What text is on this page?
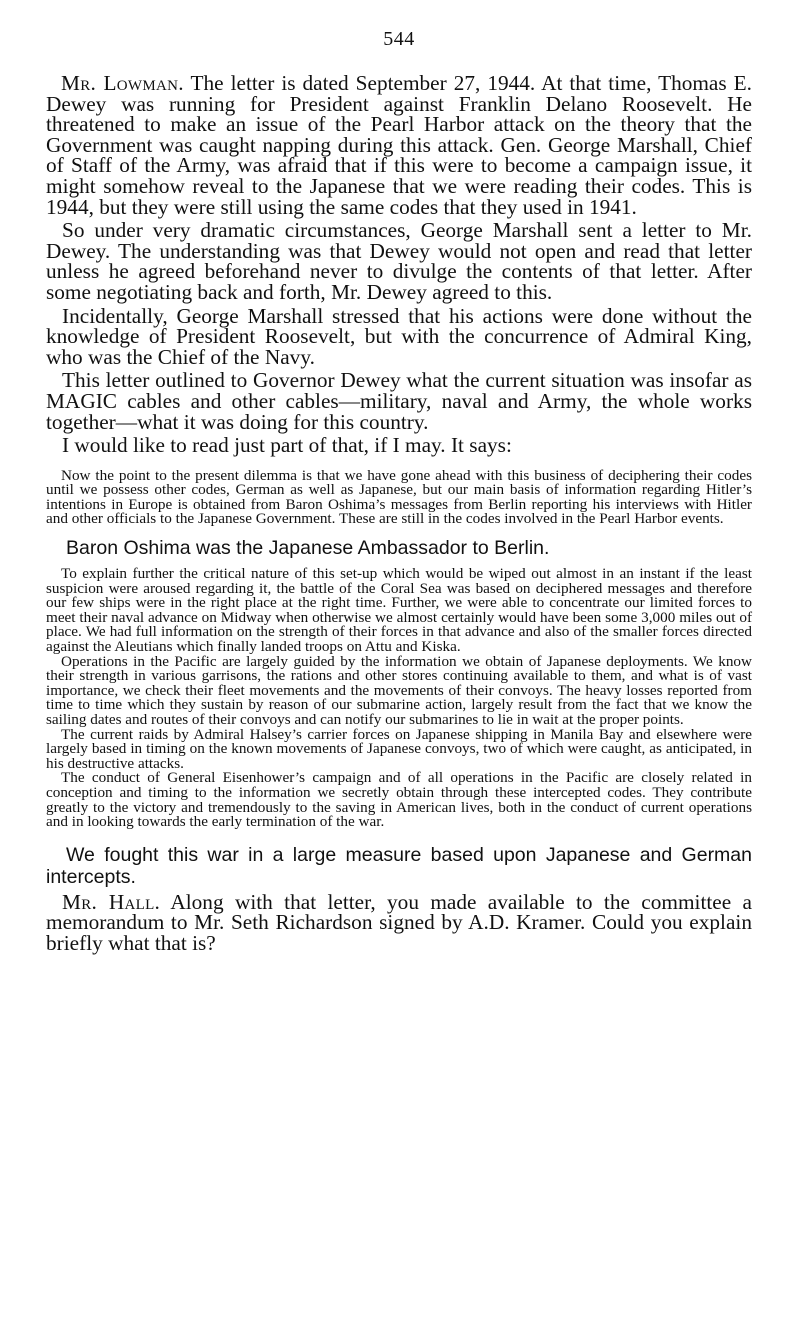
544

Mr. Lowman. The letter is dated September 27, 1944. At that time, Thomas E. Dewey was running for President against Franklin Delano Roosevelt. He threatened to make an issue of the Pearl Harbor attack on the theory that the Government was caught napping during this attack. Gen. George Marshall, Chief of Staff of the Army, was afraid that if this were to become a campaign issue, it might somehow reveal to the Japanese that we were reading their codes. This is 1944, but they were still using the same codes that they used in 1941.

So under very dramatic circumstances, George Marshall sent a letter to Mr. Dewey. The understanding was that Dewey would not open and read that letter unless he agreed beforehand never to divulge the contents of that letter. After some negotiating back and forth, Mr. Dewey agreed to this.

Incidentally, George Marshall stressed that his actions were done without the knowledge of President Roosevelt, but with the concurrence of Admiral King, who was the Chief of the Navy.

This letter outlined to Governor Dewey what the current situation was insofar as MAGIC cables and other cables—military, naval and Army, the whole works together—what it was doing for this country.

I would like to read just part of that, if I may. It says:

Now the point to the present dilemma is that we have gone ahead with this business of deciphering their codes until we possess other codes, German as well as Japanese, but our main basis of information regarding Hitler’s intentions in Europe is obtained from Baron Oshima’s messages from Berlin reporting his interviews with Hitler and other officials to the Japanese Government. These are still in the codes involved in the Pearl Harbor events.

Baron Oshima was the Japanese Ambassador to Berlin.

To explain further the critical nature of this set-up which would be wiped out almost in an instant if the least suspicion were aroused regarding it, the battle of the Coral Sea was based on deciphered messages and therefore our few ships were in the right place at the right time. Further, we were able to concentrate our limited forces to meet their naval advance on Midway when otherwise we almost certainly would have been some 3,000 miles out of place. We had full information on the strength of their forces in that advance and also of the smaller forces directed against the Aleutians which finally landed troops on Attu and Kiska.

Operations in the Pacific are largely guided by the information we obtain of Japanese deployments. We know their strength in various garrisons, the rations and other stores continuing available to them, and what is of vast importance, we check their fleet movements and the movements of their convoys. The heavy losses reported from time to time which they sustain by reason of our submarine action, largely result from the fact that we know the sailing dates and routes of their convoys and can notify our submarines to lie in wait at the proper points.

The current raids by Admiral Halsey’s carrier forces on Japanese shipping in Manila Bay and elsewhere were largely based in timing on the known movements of Japanese convoys, two of which were caught, as anticipated, in his destructive attacks.

The conduct of General Eisenhower’s campaign and of all operations in the Pacific are closely related in conception and timing to the information we secretly obtain through these intercepted codes. They contribute greatly to the victory and tremendously to the saving in American lives, both in the conduct of current operations and in looking towards the early termination of the war.

We fought this war in a large measure based upon Japanese and German intercepts.

Mr. Hall. Along with that letter, you made available to the committee a memorandum to Mr. Seth Richardson signed by A.D. Kramer. Could you explain briefly what that is?
